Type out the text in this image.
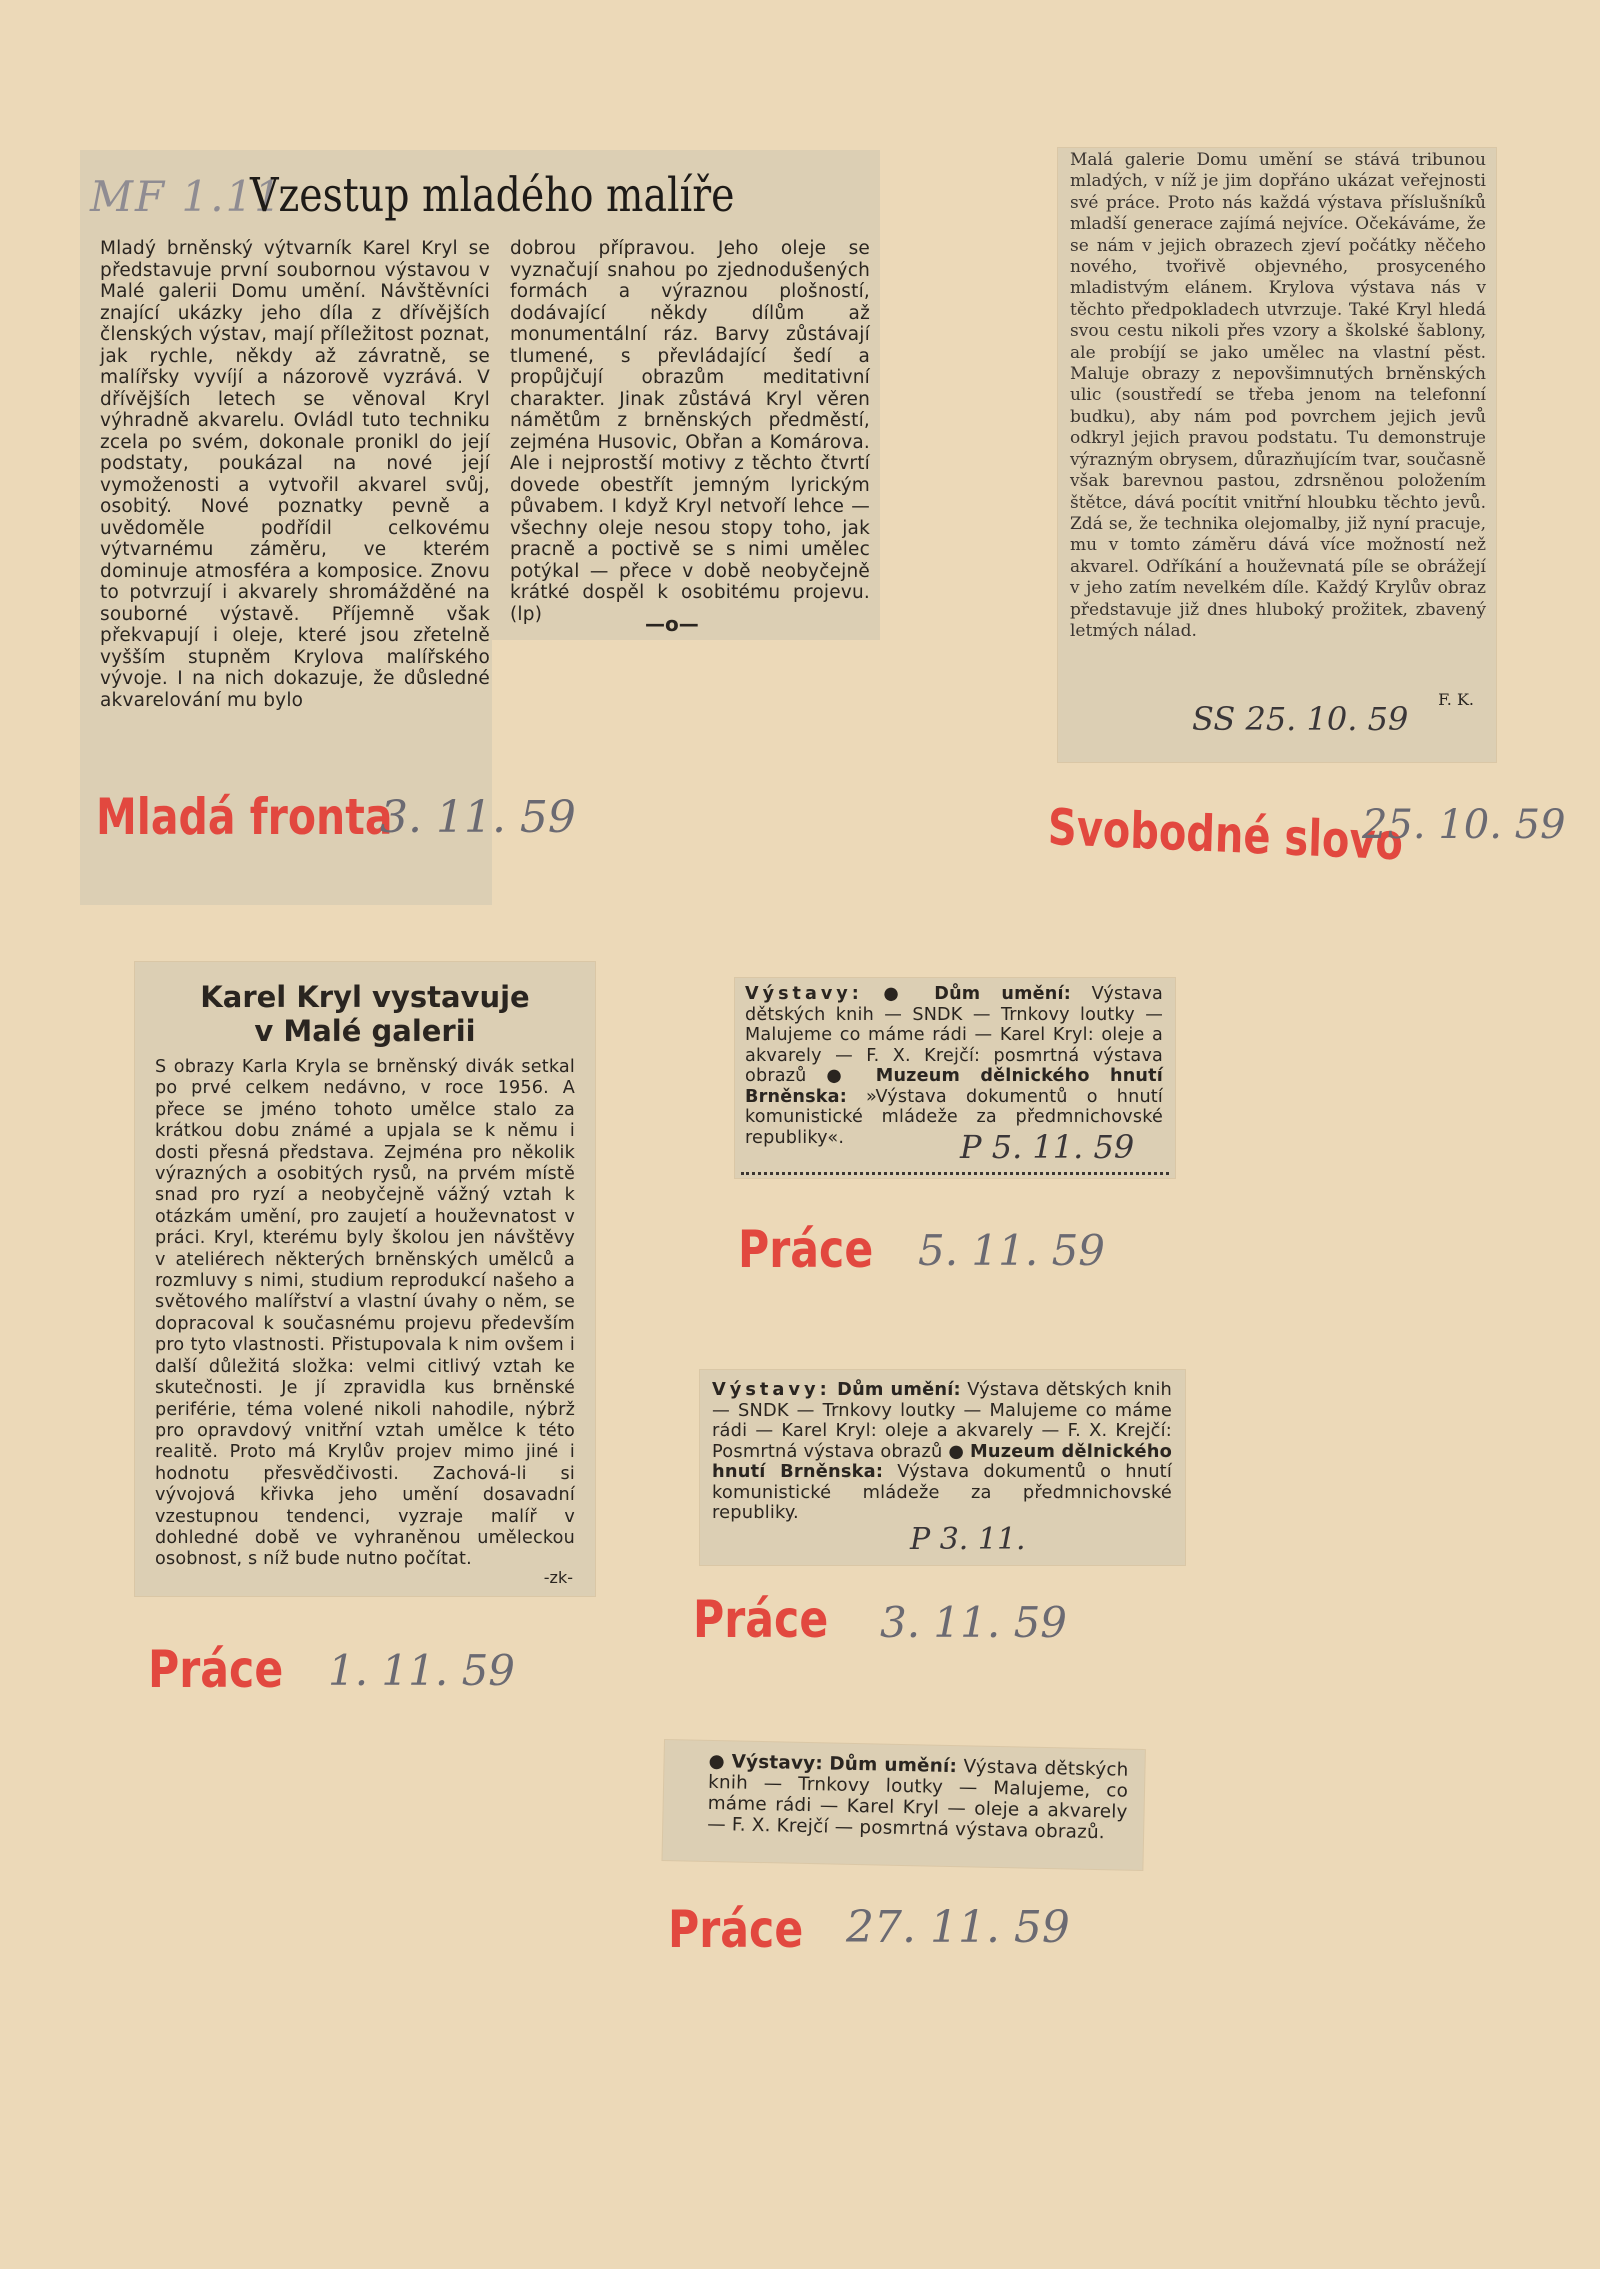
MF 1.11
Vzestup mladého malíře

Mladý brněnský výtvarník Karel Kryl se představuje první soubornou výstavou v Malé galerii Domu umění. Návštěvníci znající ukázky jeho díla z dřívějších členských výstav, mají příležitost poznat, jak rychle, někdy až závratně, se malířsky vyvíjí a názorově vyzrává. V dřívějších letech se věnoval Kryl výhradně akvarelu. Ovládl tuto techniku zcela po svém, dokonale pronikl do její podstaty, poukázal na nové její vymoženosti a vytvořil akvarel svůj, osobitý. Nové poznatky pevně a uvědoměle podřídil celkovému výtvarnému záměru, ve kterém dominuje atmosféra a komposice. Znovu to potvrzují i akvarely shromážděné na souborné výstavě. Příjemně však překvapují i oleje, které jsou zřetelně vyšším stupněm Krylova malířského vývoje. I na nich dokazuje, že důsledné akvarelování mu bylo

dobrou přípravou. Jeho oleje se vyznačují snahou po zjednodušených formách a výraznou plošností, dodávající někdy dílům až monumentální ráz. Barvy zůstávají tlumené, s převládající šedí a propůjčují obrazům meditativní charakter. Jinak zůstává Kryl věren námětům z brněnských předměstí, zejména Husovic, Obřan a Komárova. Ale i nejprostší motivy z těchto čtvrtí dovede obestřít jemným lyrickým půvabem. I když Kryl netvoří lehce — všechny oleje nesou stopy toho, jak pracně a poctivě se s nimi umělec potýkal — přece v době neobyčejně krátké dospěl k osobitému projevu. (lp)	—o—
Mladá fronta
3. 11. 59

Malá galerie Domu umění se stává tribunou mladých, v níž je jim dopřáno ukázat veřejnosti své práce. Proto nás každá výstava příslušníků mladší generace zajímá nejvíce. Očekáváme, že se nám v jejich obrazech zjeví počátky něčeho nového, tvořivě objevného, prosyceného mladistvým elánem. Krylova výstava nás v těchto předpokladech utvrzuje. Také Kryl hledá svou cestu nikoli přes vzory a školské šablony, ale probíjí se jako umělec na vlastní pěst. Maluje obrazy z nepovšimnutých brněnských ulic (soustředí se třeba jenom na telefonní budku), aby nám pod povrchem jejich jevů odkryl jejich pravou podstatu. Tu demonstruje výrazným obrysem, důrazňujícím tvar, současně však barevnou pastou, zdrsněnou položením štětce, dává pocítit vnitřní hloubku těchto jevů. Zdá se, že technika olejomalby, již nyní pracuje, mu v tomto záměru dává více možností než akvarel. Odříkání a houževnatá píle se obrážejí v jeho zatím nevelkém díle. Každý Krylův obraz představuje již dnes hluboký prožitek, zbavený letmých nálad.

F. K.
SS 25. 10. 59
Svobodné slovo
25. 10. 59
Karel Kryl vystavuje
v Malé galerii

S obrazy Karla Kryla se brněnský divák setkal po prvé celkem nedávno, v roce 1956. A přece se jméno tohoto umělce stalo za krátkou dobu známé a upjala se k němu i dosti přesná představa. Zejména pro několik výrazných a osobitých rysů, na prvém místě snad pro ryzí a neobyčejně vážný vztah k otázkám umění, pro zaujetí a houževnatost v práci. Kryl, kterému byly školou jen návštěvy v ateliérech některých brněnských umělců a rozmluvy s nimi, studium reprodukcí našeho a světového malířství a vlastní úvahy o něm, se dopracoval k současnému projevu především pro tyto vlastnosti. Přistupovala k nim ovšem i další důležitá složka: velmi citlivý vztah ke skutečnosti. Je jí zpravidla kus brněnské periférie, téma volené nikoli nahodile, nýbrž pro opravdový vnitřní vztah umělce k této realitě. Proto má Krylův projev mimo jiné i hodnotu přesvědčivosti. Zachová-li si vývojová křivka jeho umění dosavadní vzestupnou tendenci, vyzraje malíř v dohledné době ve vyhraněnou uměleckou osobnost, s níž bude nutno počítat.

-zk-
Práce 1. 11. 59

Výstavy: ● Dům umění: Výstava dětských knih — SNDK — Trnkovy loutky — Malujeme co máme rádi — Karel Kryl: oleje a akvarely — F. X. Krejčí: posmrtná výstava obrazů ● Muzeum dělnického hnutí Brněnska: »Výstava dokumentů o hnutí komunistické mládeže za předmnichovské republiky«.	P 5. 11. 59
Práce 5. 11. 59

Výstavy: Dům umění: Výstava dětských knih — SNDK — Trnkovy loutky — Malujeme co máme rádi — Karel Kryl: oleje a akvarely — F. X. Krejčí: Posmrtná výstava obrazů ● Muzeum dělnického hnutí Brněnska: Výstava dokumentů o hnutí komunistické mládeže za předmnichovské republiky.

P 3. 11.
Práce 3. 11. 59

● Výstavy: Dům umění: Výstava dětských knih — Trnkovy loutky — Malujeme, co máme rádi — Karel Kryl — oleje a akvarely — F. X. Krejčí — posmrtná výstava obrazů.

Práce 27. 11. 59
